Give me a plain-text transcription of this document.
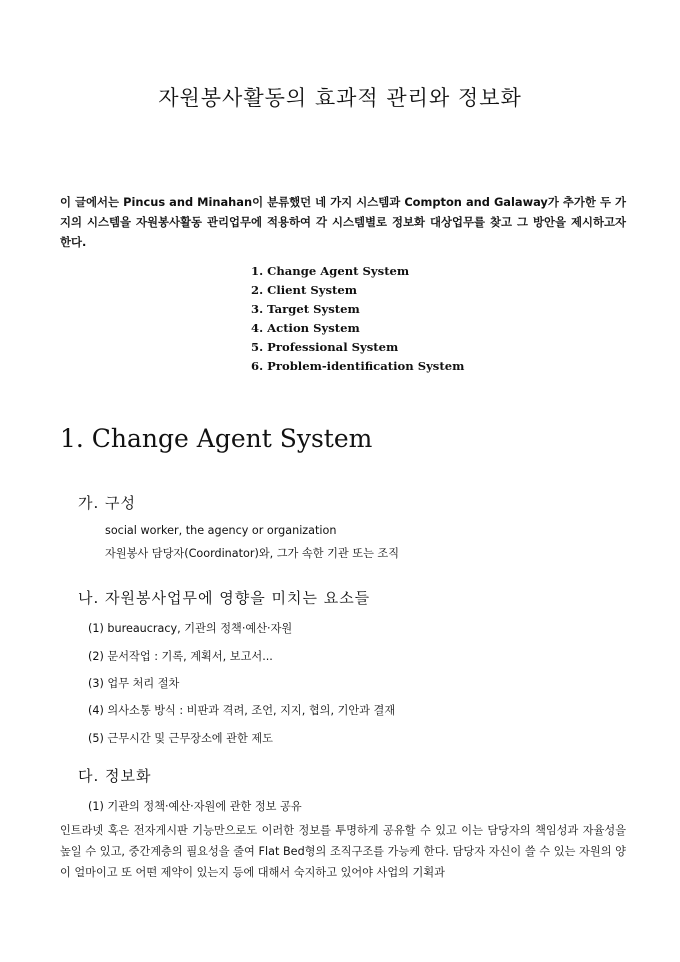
자원봉사활동의 효과적 관리와 정보화

이 글에서는 Pincus and Minahan이 분류했던 네 가지 시스템과 Compton and Galaway가 추가한 두 가지의 시스템을 자원봉사활동 관리업무에 적용하여 각 시스템별로 정보화 대상업무를 찾고 그 방안을 제시하고자 한다.

1. Change Agent System
2. Client System
3. Target System
4. Action System
5. Professional System
6. Problem-identification System
1. Change Agent System
가. 구성
social worker, the agency or organization
자원봉사 담당자(Coordinator)와, 그가 속한 기관 또는 조직
나. 자원봉사업무에 영향을 미치는 요소들
(1) bureaucracy, 기관의 정책·예산·자원
(2) 문서작업 : 기록, 계획서, 보고서...
(3) 업무 처리 절차
(4) 의사소통 방식 : 비판과 격려, 조언, 지지, 협의, 기안과 결재
(5) 근무시간 및 근무장소에 관한 제도
다. 정보화
(1) 기관의 정책·예산·자원에 관한 정보 공유

인트라넷 혹은 전자게시판 기능만으로도 이러한 정보를 투명하게 공유할 수 있고 이는 담당자의 책임성과 자율성을 높일 수 있고, 중간계층의 필요성을 줄여 Flat Bed형의 조직구조를 가능케 한다. 담당자 자신이 쓸 수 있는 자원의 양이 얼마이고 또 어떤 제약이 있는지 등에 대해서 숙지하고 있어야 사업의 기획과
